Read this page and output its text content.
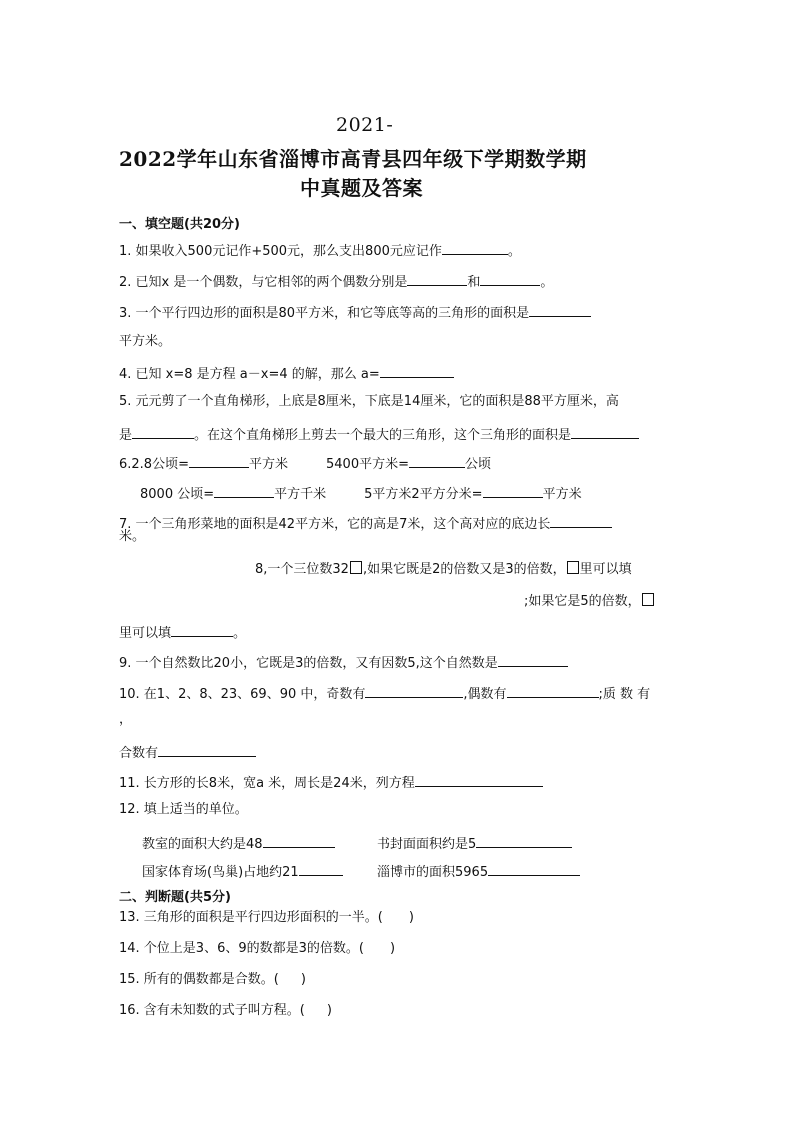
2021-
2022学年山东省淄博市高青县四年级下学期数学期
中真题及答案
一、填空题(共20分)
1. 如果收入500元记作+500元，那么支出800元应记作	。
2. 已知x 是一个偶数，与它相邻的两个偶数分别是	和	。
3. 一个平行四边形的面积是80平方米，和它等底等高的三角形的面积是
平方米。
4. 已知 x=8 是方程 a－x=4 的解，那么 a=
5. 元元剪了一个直角梯形，上底是8厘米，下底是14厘米，它的面积是88平方厘米，高
是	。在这个直角梯形上剪去一个最大的三角形，这个三角形的面积是
6.2.8公顷=	平方米	5400平方米=	公顷
8000 公顷=	平方千米	5平方米2平方分米=	平方米
7. 一个三角形菜地的面积是42平方米，它的高是7米，这个高对应的底边长
米。
8,一个三位数32 ,如果它既是2的倍数又是3的倍数， 里可以填
;如果它是5的倍数，
里可以填	。
9. 一个自然数比20小，它既是3的倍数，又有因数5,这个自然数是
10. 在1、2、8、23、69、90 中，奇数有	,偶数有	;质 数 有
，
合数有
11. 长方形的长8米，宽a 米，周长是24米，列方程
12. 填上适当的单位。
教室的面积大约是48	书封面面积约是5
国家体育场(鸟巢)占地约21	淄博市的面积5965
二、判断题(共5分)
13. 三角形的面积是平行四边形面积的一半。( )
14. 个位上是3、6、9的数都是3的倍数。( )
15. 所有的偶数都是合数。( )
16. 含有未知数的式子叫方程。( )
